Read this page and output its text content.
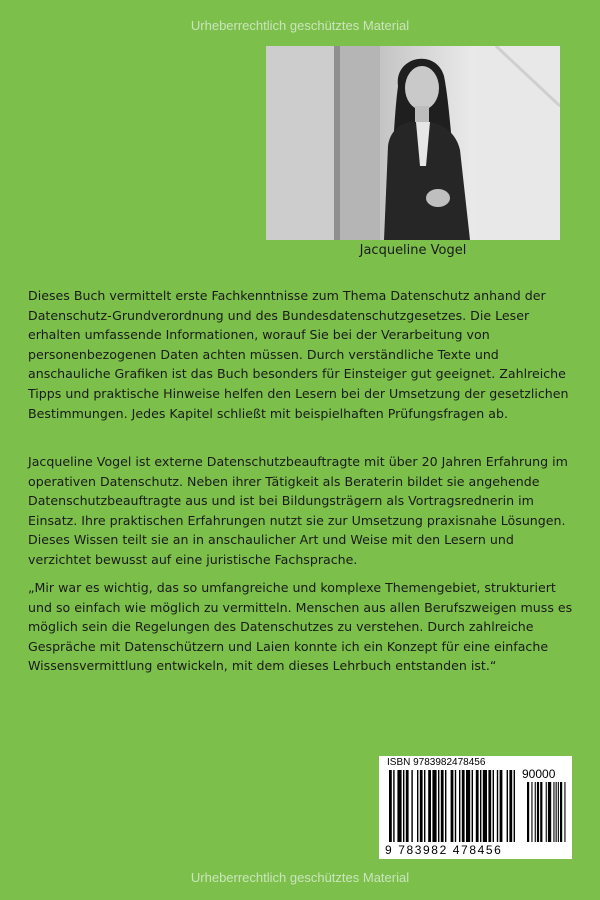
Urheberrechtlich geschütztes Material
Jacqueline Vogel

Dieses Buch vermittelt erste Fachkenntnisse zum Thema Datenschutz anhand der Datenschutz-Grundverordnung und des Bundesdatenschutzgesetzes. Die Leser erhalten umfassende Informationen, worauf Sie bei der Verarbeitung von personenbezogenen Daten achten müssen. Durch verständliche Texte und anschauliche Grafiken ist das Buch besonders für Einsteiger gut geeignet. Zahlreiche Tipps und praktische Hinweise helfen den Lesern bei der Umsetzung der gesetzlichen Bestimmungen. Jedes Kapitel schließt mit beispielhaften Prüfungsfragen ab.

Jacqueline Vogel ist externe Datenschutzbeauftragte mit über 20 Jahren Erfahrung im operativen Datenschutz. Neben ihrer Tätigkeit als Beraterin bildet sie angehende Datenschutzbeauftragte aus und ist bei Bildungsträgern als Vortragsrednerin im Einsatz. Ihre praktischen Erfahrungen nutzt sie zur Umsetzung praxisnahe Lösungen. Dieses Wissen teilt sie an in anschaulicher Art und Weise mit den Lesern und verzichtet bewusst auf eine juristische Fachsprache.

„Mir war es wichtig, das so umfangreiche und komplexe Themengebiet, strukturiert und so einfach wie möglich zu vermitteln. Menschen aus allen Berufszweigen muss es möglich sein die Regelungen des Datenschutzes zu verstehen. Durch zahlreiche Gespräche mit Datenschützern und Laien konnte ich ein Konzept für eine einfache Wissensvermittlung entwickeln, mit dem dieses Lehrbuch entstanden ist.“

ISBN 9783982478456
90000
9 783982 478456
Urheberrechtlich geschütztes Material
